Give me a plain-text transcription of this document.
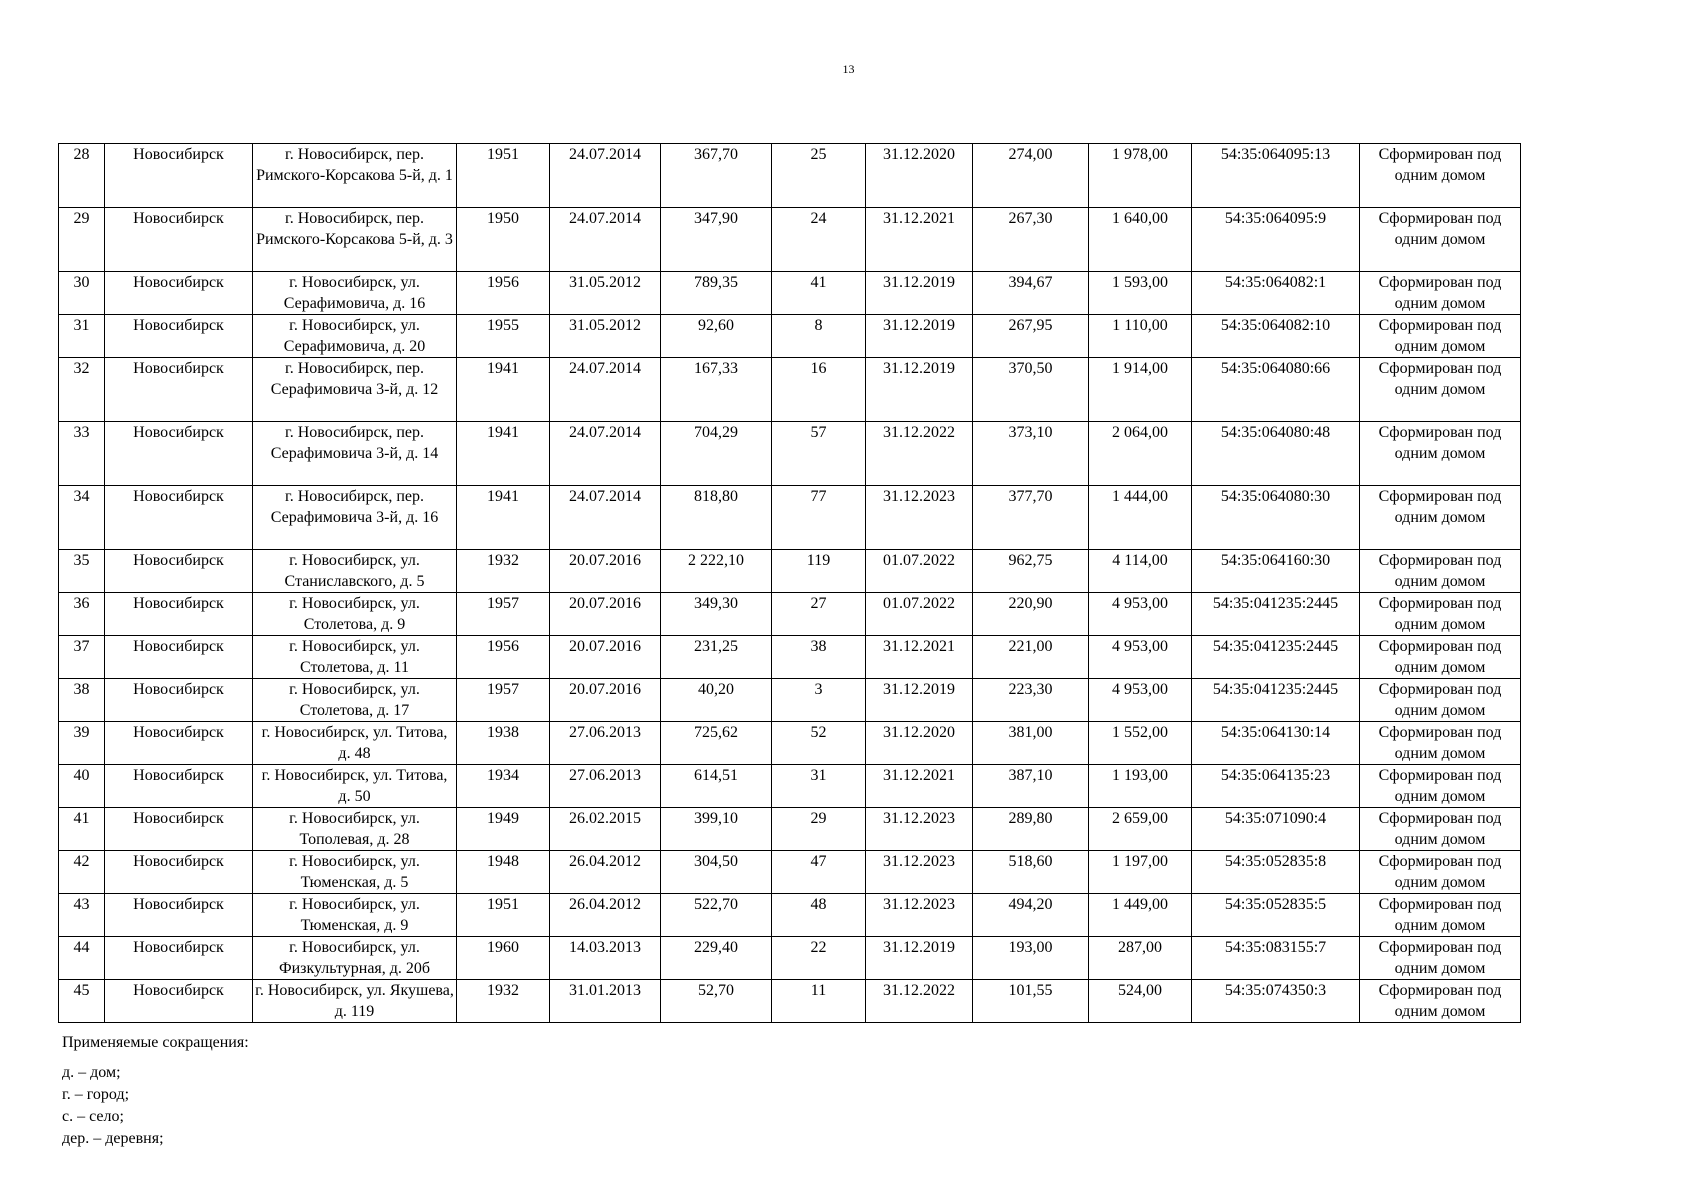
13
28	Новосибирск	г. Новосибирск, пер. Римского-Корсакова 5-й, д. 1	1951	24.07.2014	367,70	25	31.12.2020	274,00	1 978,00	54:35:064095:13	Сформирован под одним домом
29	Новосибирск	г. Новосибирск, пер. Римского-Корсакова 5-й, д. 3	1950	24.07.2014	347,90	24	31.12.2021	267,30	1 640,00	54:35:064095:9	Сформирован под одним домом
30	Новосибирск	г. Новосибирск, ул. Серафимовича, д. 16	1956	31.05.2012	789,35	41	31.12.2019	394,67	1 593,00	54:35:064082:1	Сформирован под одним домом
31	Новосибирск	г. Новосибирск, ул. Серафимовича, д. 20	1955	31.05.2012	92,60	8	31.12.2019	267,95	1 110,00	54:35:064082:10	Сформирован под одним домом
32	Новосибирск	г. Новосибирск, пер. Серафимовича 3-й, д. 12	1941	24.07.2014	167,33	16	31.12.2019	370,50	1 914,00	54:35:064080:66	Сформирован под одним домом
33	Новосибирск	г. Новосибирск, пер. Серафимовича 3-й, д. 14	1941	24.07.2014	704,29	57	31.12.2022	373,10	2 064,00	54:35:064080:48	Сформирован под одним домом
34	Новосибирск	г. Новосибирск, пер. Серафимовича 3-й, д. 16	1941	24.07.2014	818,80	77	31.12.2023	377,70	1 444,00	54:35:064080:30	Сформирован под одним домом
35	Новосибирск	г. Новосибирск, ул. Станиславского, д. 5	1932	20.07.2016	2 222,10	119	01.07.2022	962,75	4 114,00	54:35:064160:30	Сформирован под одним домом
36	Новосибирск	г. Новосибирск, ул. Столетова, д. 9	1957	20.07.2016	349,30	27	01.07.2022	220,90	4 953,00	54:35:041235:2445	Сформирован под одним домом
37	Новосибирск	г. Новосибирск, ул. Столетова, д. 11	1956	20.07.2016	231,25	38	31.12.2021	221,00	4 953,00	54:35:041235:2445	Сформирован под одним домом
38	Новосибирск	г. Новосибирск, ул. Столетова, д. 17	1957	20.07.2016	40,20	3	31.12.2019	223,30	4 953,00	54:35:041235:2445	Сформирован под одним домом
39	Новосибирск	г. Новосибирск, ул. Титова, д. 48	1938	27.06.2013	725,62	52	31.12.2020	381,00	1 552,00	54:35:064130:14	Сформирован под одним домом
40	Новосибирск	г. Новосибирск, ул. Титова, д. 50	1934	27.06.2013	614,51	31	31.12.2021	387,10	1 193,00	54:35:064135:23	Сформирован под одним домом
41	Новосибирск	г. Новосибирск, ул. Тополевая, д. 28	1949	26.02.2015	399,10	29	31.12.2023	289,80	2 659,00	54:35:071090:4	Сформирован под одним домом
42	Новосибирск	г. Новосибирск, ул. Тюменская, д. 5	1948	26.04.2012	304,50	47	31.12.2023	518,60	1 197,00	54:35:052835:8	Сформирован под одним домом
43	Новосибирск	г. Новосибирск, ул. Тюменская, д. 9	1951	26.04.2012	522,70	48	31.12.2023	494,20	1 449,00	54:35:052835:5	Сформирован под одним домом
44	Новосибирск	г. Новосибирск, ул. Физкультурная, д. 20б	1960	14.03.2013	229,40	22	31.12.2019	193,00	287,00	54:35:083155:7	Сформирован под одним домом
45	Новосибирск	г. Новосибирск, ул. Якушева, д. 119	1932	31.01.2013	52,70	11	31.12.2022	101,55	524,00	54:35:074350:3	Сформирован под одним домом
Применяемые сокращения:
д. – дом;
г. – город;
с. – село;
дер. – деревня;
